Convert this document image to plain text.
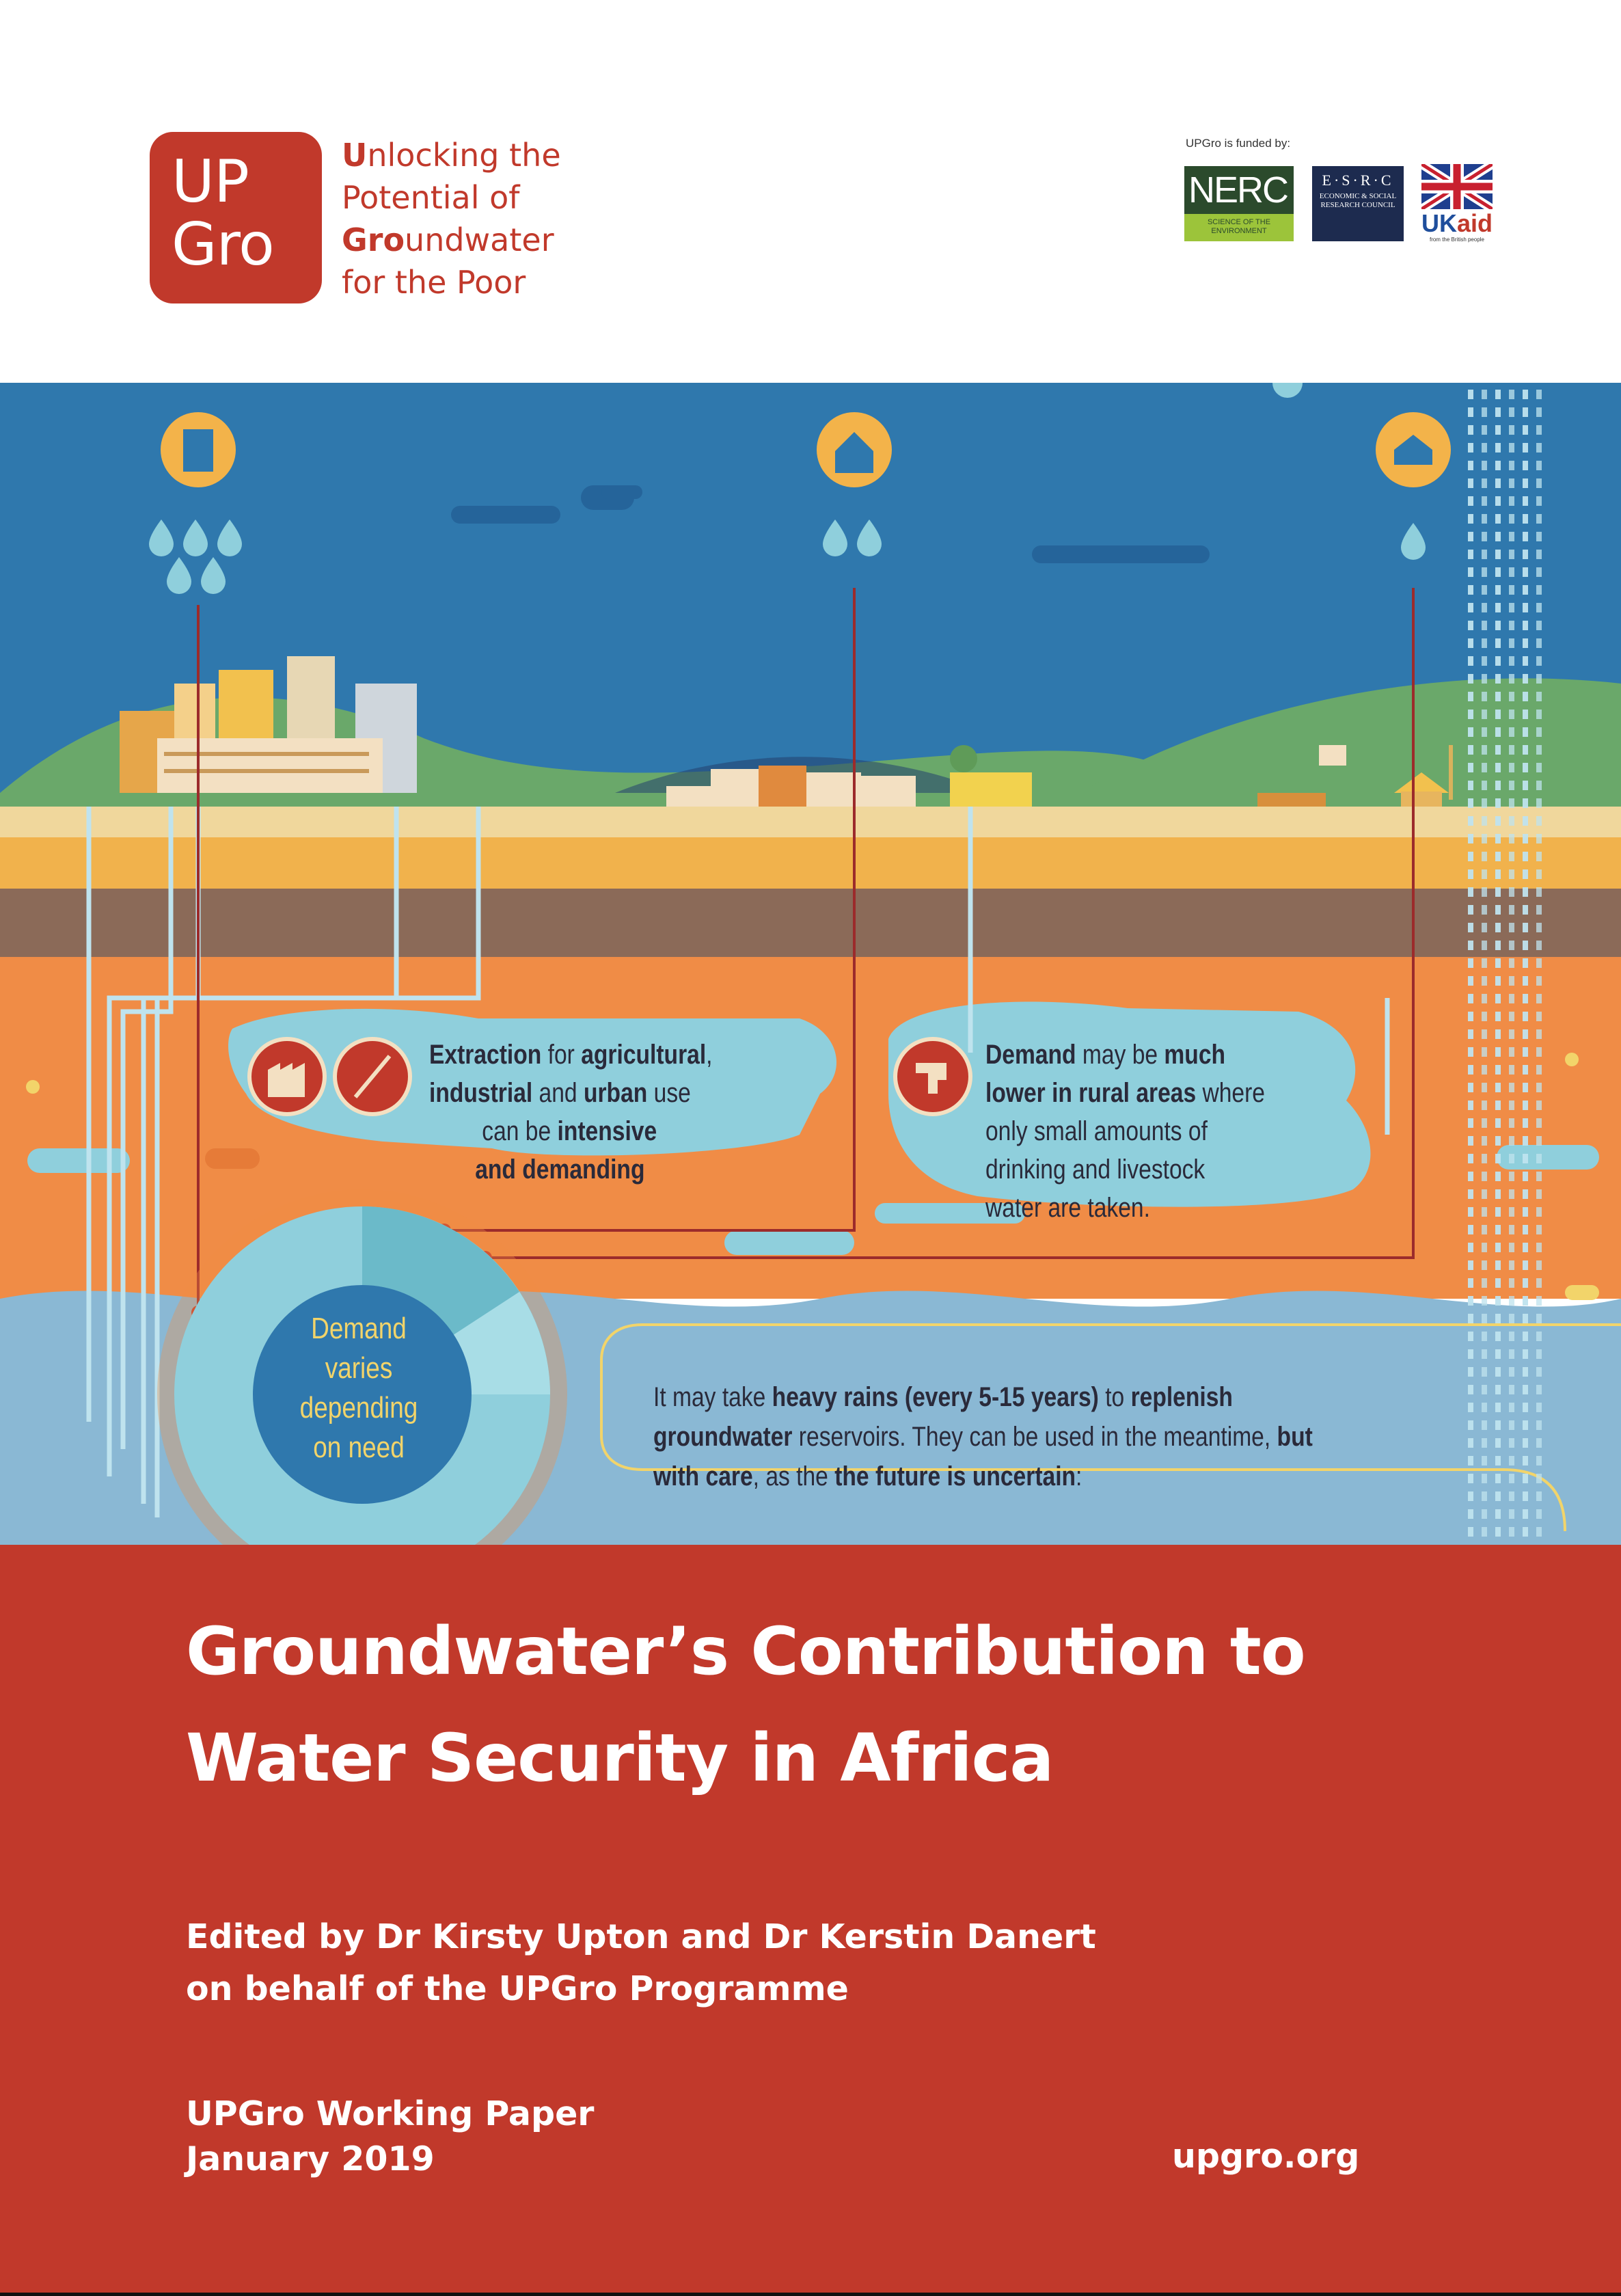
UP
Gro
Unlocking the
Potential of
Groundwater
for the Poor
UPGro is funded by:
NERC
SCIENCE OF THE ENVIRONMENT
E·S·R·C
ECONOMIC & SOCIAL RESEARCH COUNCIL
UKaid
from the British people
Extraction for agricultural,
industrial and urban use
can be intensive
and demanding
Demand may be much
lower in rural areas where
only small amounts of
drinking and livestock
water are taken.
Demand
varies
depending
on need
It may take heavy rains (every 5-15 years) to replenish
groundwater reservoirs. They can be used in the meantime, but
with care, as the the future is uncertain:
Groundwater’s Contribution to
Water Security in Africa
Edited by Dr Kirsty Upton and Dr Kerstin Danert
on behalf of the UPGro Programme
UPGro Working Paper
January 2019	upgro.org
